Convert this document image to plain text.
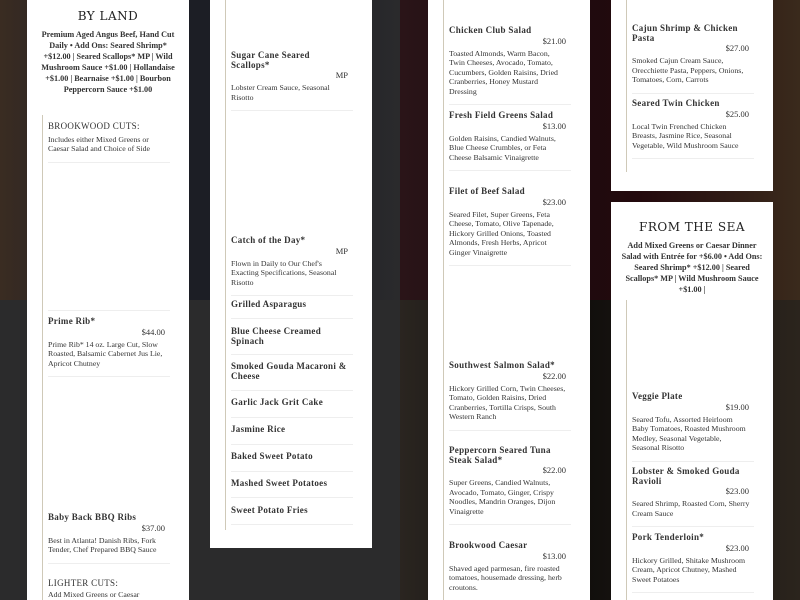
BY LAND
Premium Aged Angus Beef, Hand Cut Daily • Add Ons: Seared Shrimp* +$12.00 | Seared Scallops* MP | Wild Mushroom Sauce +$1.00 | Hollandaise +$1.00 | Bearnaise +$1.00 | Bourbon Peppercorn Sauce +$1.00
BROOKWOOD CUTS:
Includes either Mixed Greens or Caesar Salad and Choice of Side
Sugar Cane Seared Scallops*
MP
Lobster Cream Sauce, Seasonal Risotto
Catch of the Day*
MP
Flown in Daily to Our Chef's Exacting Specifications, Seasonal Risotto
Chicken Club Salad
$21.00
Toasted Almonds, Warm Bacon, Twin Cheeses, Avocado, Tomato, Cucumbers, Golden Raisins, Dried Cranberries, Honey Mustard Dressing
Fresh Field Greens Salad
$13.00
Golden Raisins, Candied Walnuts, Blue Cheese Crumbles, or Feta Cheese Balsamic Vinaigrette
Filet of Beef Salad
$23.00
Seared Filet, Super Greens, Feta Cheese, Tomato, Olive Tapenade, Hickory Grilled Onions, Toasted Almonds, Fresh Herbs, Apricot Ginger Vinaigrette
Cajun Shrimp & Chicken Pasta
$27.00
Smoked Cajun Cream Sauce, Orecchiette Pasta, Peppers, Onions, Tomatoes, Corn, Carrots
Seared Twin Chicken
$25.00
Local Twin Frenched Chicken Breasts, Jasmine Rice, Seasonal Vegetable, Wild Mushroom Sauce
FROM THE SEA
Add Mixed Greens or Caesar Dinner Salad with Entrée for +$6.00 • Add Ons: Seared Shrimp* +$12.00 | Seared Scallops* MP | Wild Mushroom Sauce +$1.00 |
Prime Rib*
$44.00
Prime Rib* 14 oz. Large Cut, Slow Roasted, Balsamic Cabernet Jus Lie, Apricot Chutney
Baby Back BBQ Ribs
$37.00
Best in Atlanta! Danish Ribs, Fork Tender, Chef Prepared BBQ Sauce
LIGHTER CUTS:
Add Mixed Greens or Caesar
Grilled Asparagus
Blue Cheese Creamed Spinach
Smoked Gouda Macaroni & Cheese
Garlic Jack Grit Cake
Jasmine Rice
Baked Sweet Potato
Mashed Sweet Potatoes
Sweet Potato Fries
Southwest Salmon Salad*
$22.00
Hickory Grilled Corn, Twin Cheeses, Tomato, Golden Raisins, Dried Cranberries, Tortilla Crisps, South Western Ranch
Peppercorn Seared Tuna Steak Salad*
$22.00
Super Greens, Candied Walnuts, Avocado, Tomato, Ginger, Crispy Noodles, Mandrin Oranges, Dijon Vinaigrette
Brookwood Caesar
$13.00
Shaved aged parmesan, fire roasted tomatoes, housemade dressing, herb croutons.
Veggie Plate
$19.00
Seared Tofu, Assorted Heirloom Baby Tomatoes, Roasted Mushroom Medley, Seasonal Vegetable, Seasonal Risotto
Lobster & Smoked Gouda Ravioli
$23.00
Seared Shrimp, Roasted Corn, Sherry Cream Sauce
Pork Tenderloin*
$23.00
Hickory Grilled, Shitake Mushroom Cream, Apricot Chutney, Mashed Sweet Potatoes
